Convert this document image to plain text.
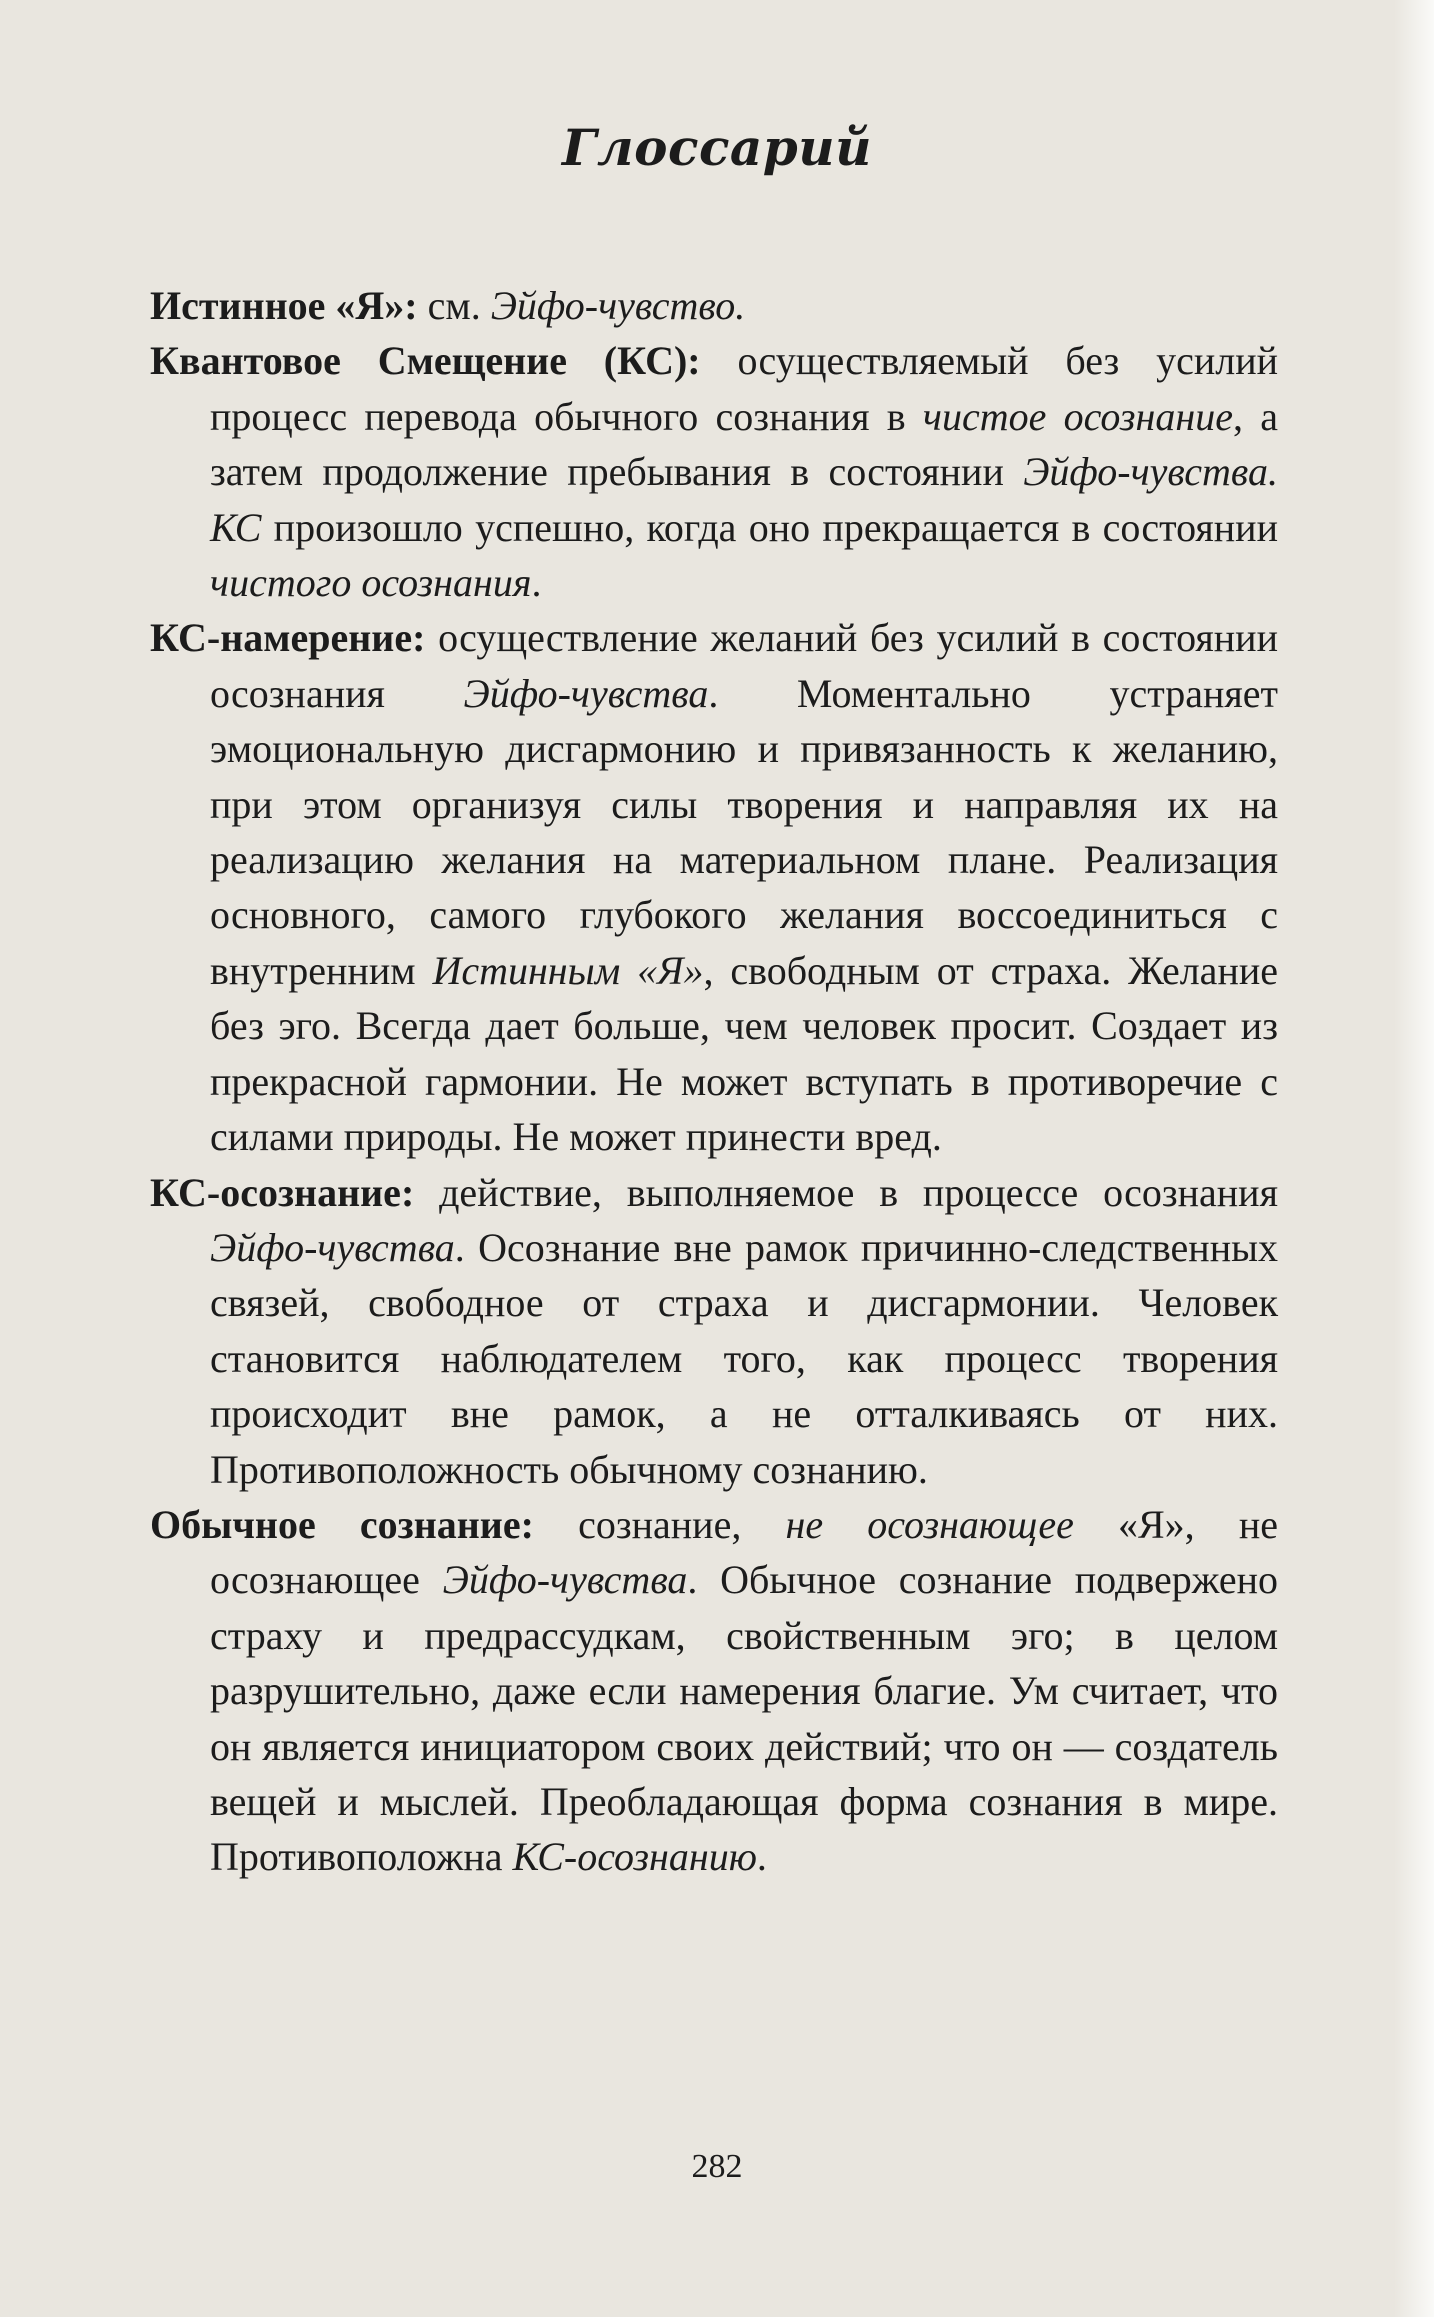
Глоссарий

Истинное «Я»: см. Эйфо-чувство.

Квантовое Смещение (КС): осуществляемый без усилий процесс перевода обычного сознания в чистое осознание, а затем продолжение пребывания в состоянии Эйфо-чувства. КС произошло успешно, когда оно прекращается в состоянии чистого осознания.

КС-намерение: осуществление желаний без усилий в состоянии осознания Эйфо-чувства. Моментально устраняет эмоциональную дисгармонию и привязанность к желанию, при этом организуя силы творения и направляя их на реализацию желания на материальном плане. Реализация основного, самого глубокого желания воссоединиться с внутренним Истинным «Я», свободным от страха. Желание без эго. Всегда дает больше, чем человек просит. Создает из прекрасной гармонии. Не может вступать в противоречие с силами природы. Не может принести вред.

КС-осознание: действие, выполняемое в процессе осознания Эйфо-чувства. Осознание вне рамок причинно-следственных связей, свободное от страха и дисгармонии. Человек становится наблюдателем того, как процесс творения происходит вне рамок, а не отталкиваясь от них. Противоположность обычному сознанию.

Обычное сознание: сознание, не осознающее «Я», не осознающее Эйфо-чувства. Обычное сознание подвержено страху и предрассудкам, свойственным эго; в целом разрушительно, даже если намерения благие. Ум считает, что он является инициатором своих действий; что он — создатель вещей и мыслей. Преобладающая форма сознания в мире. Противоположна КС-осознанию.

282
